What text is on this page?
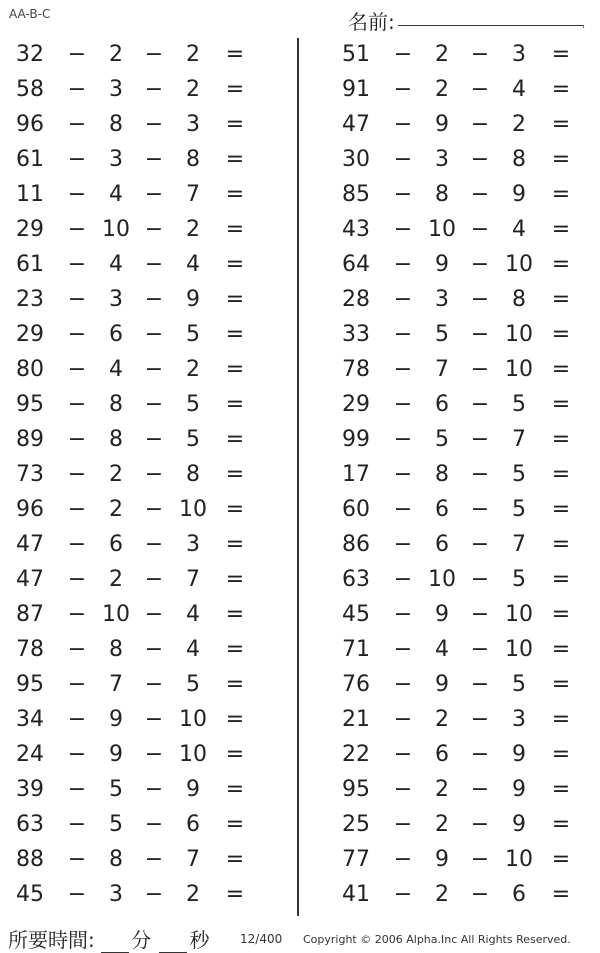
AA-B-C	名前:	.
32	−	2 −	2	=
58	−	3 −	2	=
96	−	8 −	3	=
61	−	3 −	8	=
11	−	4 −	7	=
29	− 10 −	2	=
61	−	4 −	4	=
23	−	3 −	9	=
29	−	6 −	5	=
80	−	4 −	2	=
95	−	8 −	5	=
89	−	8 −	5	=
73	−	2 −	8	=
96	−	2 − 10 =
47	−	6 −	3	=
47	−	2 −	7	=
87	− 10 −	4	=
78	−	8 −	4	=
95	−	7 −	5	=
34	−	9 − 10 =
24	−	9 − 10 =
39	−	5 −	9	=
63	−	5 −	6	=
88	−	8 −	7	=
45	−	3 −	2	=
51	−	2 −	3	=
91	−	2 −	4	=
47	−	9 −	2	=
30	−	3 −	8	=
85	−	8 −	9	=
43	− 10 −	4	=
64	−	9 − 10 =
28	−	3 −	8	=
33	−	5 − 10 =
78	−	7 − 10 =
29	−	6 −	5	=
99	−	5 −	7	=
17	−	8 −	5	=
60	−	6 −	5	=
86	−	6 −	7	=
63	− 10 −	5	=
45	−	9 − 10 =
71	−	4 − 10 =
76	−	9 −	5	=
21	−	2 −	3	=
22	−	6 −	9	=
95	−	2 −	9	=
25	−	2 −	9	=
77	−	9 − 10 =
41	−	2 −	6	=
所要時間: 分 秒	12/400 Copyright © 2006 Alpha.Inc All Rights Reserved.
